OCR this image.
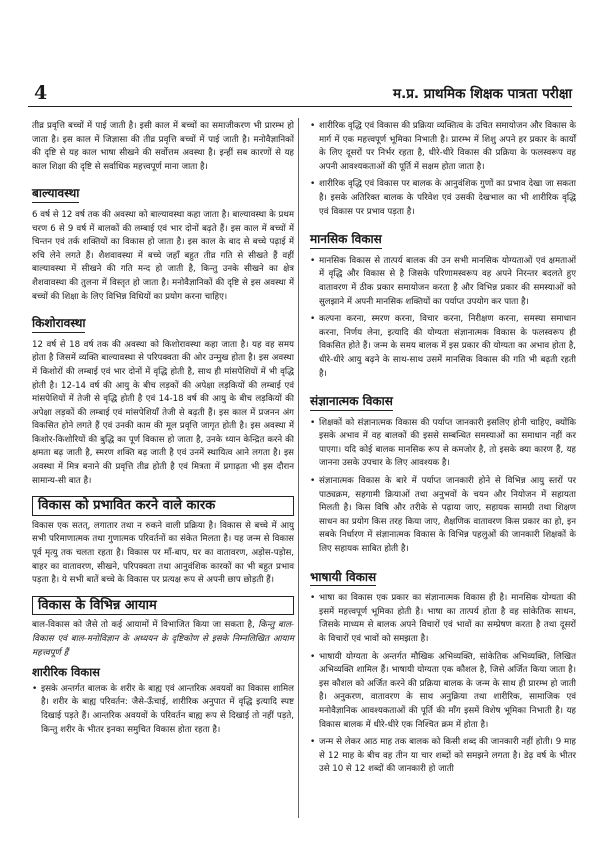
4	म.प्र. प्राथमिक शिक्षक पात्रता परीक्षा

तीव्र प्रवृत्ति बच्चों में पाई जाती है। इसी काल में बच्चों का समाजीकरण भी प्रारम्भ हो जाता है। इस काल में जिज्ञासा की तीव्र प्रवृत्ति बच्चों में पाई जाती है। मनोवैज्ञानिकों की दृष्टि से यह काल भाषा सीखने की सर्वोत्तम अवस्था है। इन्हीं सब कारणों से यह काल शिक्षा की दृष्टि से सर्वाधिक महत्त्वपूर्ण माना जाता है।

बाल्यावस्था

6 वर्ष से 12 वर्ष तक की अवस्था को बाल्यावस्था कहा जाता है। बाल्यावस्था के प्रथम चरण 6 से 9 वर्ष में बालकों की लम्बाई एवं भार दोनों बढ़ते हैं। इस काल में बच्चों में चिन्तन एवं तर्क शक्तियों का विकास हो जाता है। इस काल के बाद से बच्चे पढ़ाई में रुचि लेने लगते हैं। शैशवावस्था में बच्चे जहाँ बहुत तीव्र गति से सीखते हैं वहीं बाल्यावस्था में सीखने की गति मन्द हो जाती है, किन्तु उनके सीखने का क्षेत्र शैशवावस्था की तुलना में विस्तृत हो जाता है। मनोवैज्ञानिकों की दृष्टि से इस अवस्था में बच्चों की शिक्षा के लिए विभिन्न विधियों का प्रयोग करना चाहिए।

किशोरावस्था

12 वर्ष से 18 वर्ष तक की अवस्था को किशोरावस्था कहा जाता है। यह वह समय होता है जिसमें व्यक्ति बाल्यावस्था से परिपक्वता की ओर उन्मुख होता है। इस अवस्था में किशोरों की लम्बाई एवं भार दोनों में वृद्धि होती है, साथ ही मांसपेशियों में भी वृद्धि होती है। 12-14 वर्ष की आयु के बीच लड़कों की अपेक्षा लड़कियों की लम्बाई एवं मांसपेशियों में तेजी से वृद्धि होती है एवं 14-18 वर्ष की आयु के बीच लड़कियों की अपेक्षा लड़कों की लम्बाई एवं मांसपेशियाँ तेजी से बढ़ती हैं। इस काल में प्रजनन अंग विकसित होने लगते हैं एवं उनकी काम की मूल प्रवृत्ति जागृत होती है। इस अवस्था में किशोर-किशोरियों की बुद्धि का पूर्ण विकास हो जाता है, उनके ध्यान केन्द्रित करने की क्षमता बढ़ जाती है, स्मरण शक्ति बढ़ जाती है एवं उनमें स्थायित्व आने लगता है। इस अवस्था में मित्र बनाने की प्रवृत्ति तीव्र होती है एवं मित्रता में प्रगाढ़ता भी इस दौरान सामान्य-सी बात है।

विकास को प्रभावित करने वाले कारक

विकास एक सतत्, लगातार तथा न रुकने वाली प्रक्रिया है। विकास से बच्चे में आयु सभी परिमाणात्मक तथा गुणात्मक परिवर्तनों का संकेत मिलता है। यह जन्म से विकास पूर्व मृत्यु तक चलता रहता है। विकास पर माँ-बाप, घर का वातावरण, अड़ोस-पड़ोस, बाहर का वातावरण, सीखने, परिपक्वता तथा आनुवंशिक कारकों का भी बहुत प्रभाव पड़ता है। ये सभी बातें बच्चे के विकास पर प्रत्यक्ष रूप से अपनी छाप छोड़ती हैं।

विकास के विभिन्न आयाम

बाल-विकास को जैसे तो कई आयामों में विभाजित किया जा सकता है, किन्तु बाल-विकास एवं बाल-मनोविज्ञान के अध्ययन के दृष्टिकोण से इसके निम्नलिखित आयाम महत्त्वपूर्ण हैं

शारीरिक विकास
• इसके अन्तर्गत बालक के शरीर के बाह्य एवं आन्तरिक अवयवों का विकास शामिल है। शरीर के बाह्य परिवर्तन: जैसे-ऊँचाई, शारीरिक अनुपात में वृद्धि इत्यादि स्पष्ट दिखाई पड़ते हैं। आन्तरिक अवयवों के परिवर्तन बाह्य रूप से दिखाई तो नहीं पड़ते, किन्तु शरीर के भीतर इनका समुचित विकास होता रहता है।
• शारीरिक वृद्धि एवं विकास की प्रक्रिया व्यक्तित्व के उचित समायोजन और विकास के मार्ग में एक महत्त्वपूर्ण भूमिका निभाती है। प्रारम्भ में शिशु अपने हर प्रकार के कार्यों के लिए दूसरों पर निर्भर रहता है, धीरे-धीरे विकास की प्रक्रिया के फलस्वरूप वह अपनी आवश्यकताओं की पूर्ति में सक्षम होता जाता है।
• शारीरिक वृद्धि एवं विकास पर बालक के आनुवंशिक गुणों का प्रभाव देखा जा सकता है। इसके अतिरिक्त बालक के परिवेश एवं उसकी देखभाल का भी शारीरिक वृद्धि एवं विकास पर प्रभाव पड़ता है।
मानसिक विकास
• मानसिक विकास से तात्पर्य बालक की उन सभी मानसिक योग्यताओं एवं क्षमताओं में वृद्धि और विकास से है जिसके परिणामस्वरूप वह अपने निरन्तर बदलते हुए वातावरण में ठीक प्रकार समायोजन करता है और विभिन्न प्रकार की समस्याओं को सुलझाने में अपनी मानसिक शक्तियों का पर्याप्त उपयोग कर पाता है।
• कल्पना करना, स्मरण करना, विचार करना, निरीक्षण करना, समस्या समाधान करना, निर्णय लेना, इत्यादि की योग्यता संज्ञानात्मक विकास के फलस्वरूप ही विकसित होते हैं। जन्म के समय बालक में इस प्रकार की योग्यता का अभाव होता है, धीरे-धीरे आयु बढ़ने के साथ-साथ उसमें मानसिक विकास की गति भी बढ़ती रहती है।
संज्ञानात्मक विकास
• शिक्षकों को संज्ञानात्मक विकास की पर्याप्त जानकारी इसलिए होनी चाहिए, क्योंकि इसके अभाव में वह बालकों की इससे सम्बन्धित समस्याओं का समाधान नहीं कर पाएगा। यदि कोई बालक मानसिक रूप से कमजोर है, तो इसके क्या कारण हैं, यह जानना उसके उपचार के लिए आवश्यक है।
• संज्ञानात्मक विकास के बारे में पर्याप्त जानकारी होने से विभिन्न आयु स्तरों पर पाठ्यक्रम, सहगामी क्रियाओं तथा अनुभवों के चयन और नियोजन में सहायता मिलती है। किस विषि और तरीके से पढ़ाया जाए, सहायक सामग्री तथा शिक्षण साधन का प्रयोग किस तरह किया जाए, शैक्षणिक वातावरण किस प्रकार का हो, इन सबके निर्धारण में संज्ञानात्मक विकास के विभिन्न पहलुओं की जानकारी शिक्षकों के लिए सहायक साबित होती है।
भाषायी विकास
• भाषा का विकास एक प्रकार का संज्ञानात्मक विकास ही है। मानसिक योग्यता की इसमें महत्त्वपूर्ण भूमिका होती है। भाषा का तात्पर्य होता है वह सांकेतिक साधन, जिसके माध्यम से बालक अपने विचारों एवं भावों का सम्प्रेषण करता है तथा दूसरों के विचारों एवं भावों को समझता है।
• भाषायी योग्यता के अन्तर्गत मौखिक अभिव्यक्ति, सांकेतिक अभिव्यक्ति, लिखित अभिव्यक्ति शामिल हैं। भाषायी योग्यता एक कौशल है, जिसे अर्जित किया जाता है। इस कौशल को अर्जित करने की प्रक्रिया बालक के जन्म के साथ ही प्रारम्भ हो जाती है। अनुकरण, वातावरण के साथ अनुक्रिया तथा शारीरिक, सामाजिक एवं मनोवैज्ञानिक आवश्यकताओं की पूर्ति की माँग इसमें विशेष भूमिका निभाती है। यह विकास बालक में धीरे-धीरे एक निश्चित क्रम में होता है।
• जन्म से लेकर आठ माह तक बालक को किसी शब्द की जानकारी नहीं होती। 9 माह से 12 माह के बीच वह तीन या चार शब्दों को समझने लगता है। डेढ़ वर्ष के भीतर उसे 10 से 12 शब्दों की जानकारी हो जाती
